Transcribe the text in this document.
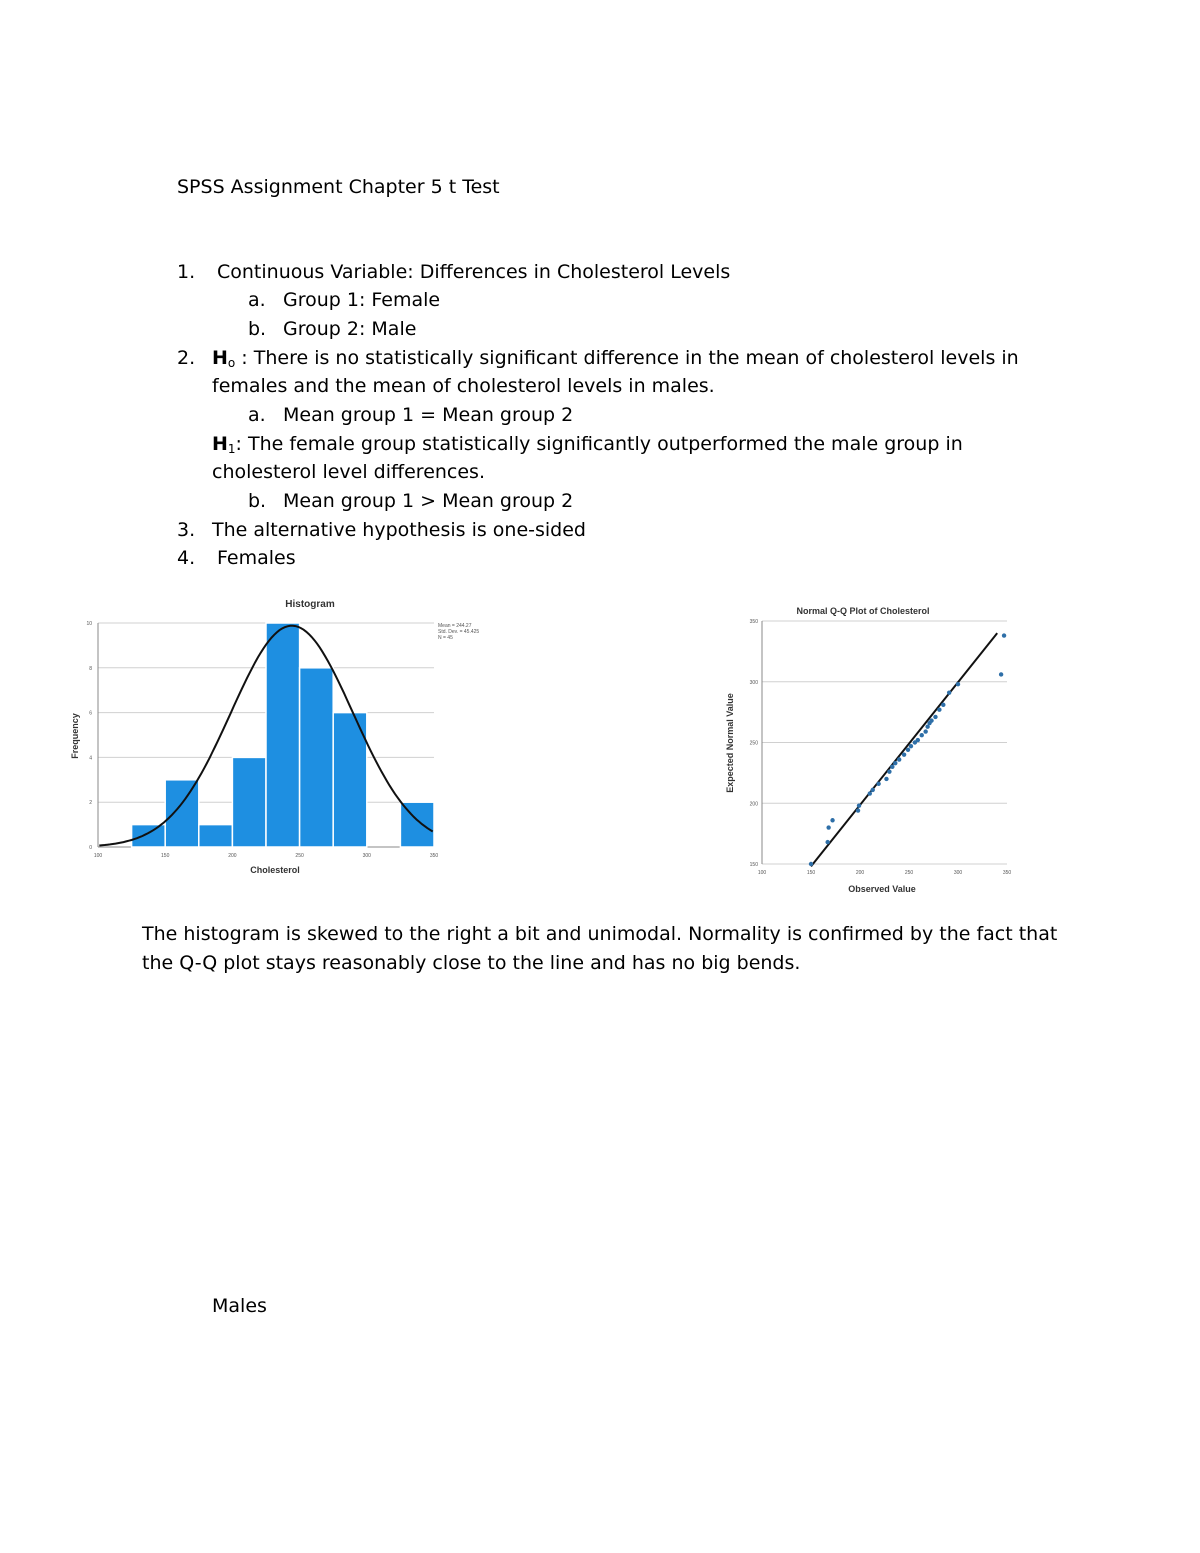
SPSS Assignment Chapter 5 t Test
1. Continuous Variable: Differences in Cholesterol Levels
a. Group 1: Female
b. Group 2: Male
2. $H_o$ : There is no statistically significant difference in the mean of cholesterol levels in
females and the mean of cholesterol levels in males.
a. Mean group 1 = Mean group 2
$H_1$: The female group statistically significantly outperformed the male group in
cholesterol level differences.
b. Mean group 1 > Mean group 2
3. The alternative hypothesis is one-sided
4. Females
Histogram
Cholesterol
Frequency
Mean = 244.27
Std. Dev. = 45.425
N = 45
0
2
4
6
8
10
100	150	200	250	300	350
Normal Q-Q Plot of Cholesterol
Observed Value
Expected Normal Value
150
200
250
300
350
100	150	200	250	300	350
The histogram is skewed to the right a bit and unimodal. Normality is confirmed by the fact that
the Q-Q plot stays reasonably close to the line and has no big bends.
Males
